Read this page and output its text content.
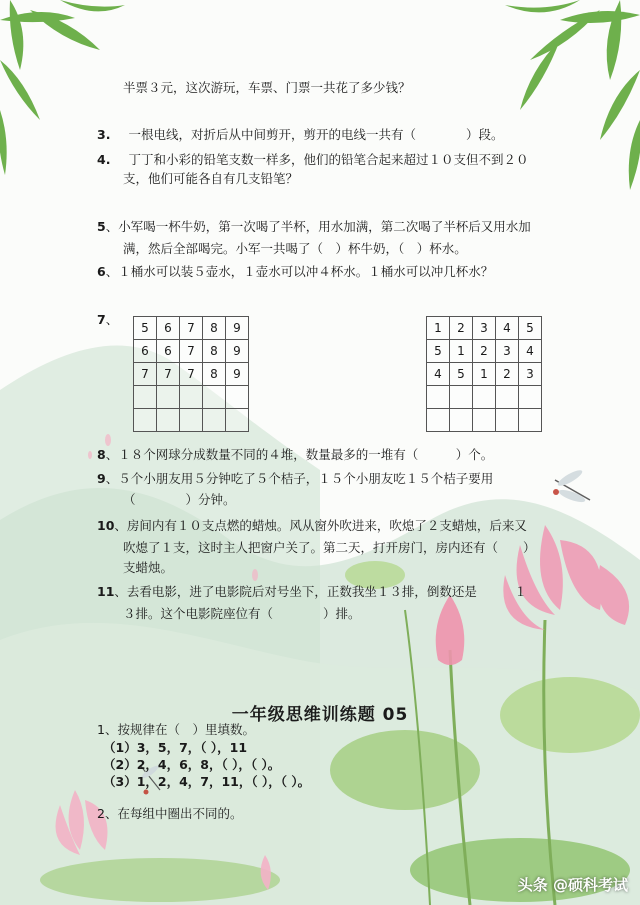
半票３元，这次游玩，车票、门票一共花了多少钱？
3. 一根电线，对折后从中间剪开，剪开的电线一共有（　　　　）段。
4. 丁丁和小彩的铅笔支数一样多，他们的铅笔合起来超过１０支但不到２０
支，他们可能各自有几支铅笔？
5、小军喝一杯牛奶，第一次喝了半杯，用水加满，第二次喝了半杯后又用水加
满，然后全部喝完。小军一共喝了（　）杯牛奶，（　）杯水。
6、１桶水可以装５壶水，１壶水可以冲４杯水。１桶水可以冲几杯水？
7、
5	6	7	8	9
6	6	7	8	9
7	7	7	8	9

1	2	3	4	5
5	1	2	3	4
4	5	1	2	3

8、１８个网球分成数量不同的４堆，数量最多的一堆有（　　　）个。
9、５个小朋友用５分钟吃了５个桔子，１５个小朋友吃１５个桔子要用
（　　　　）分钟。
10、房间内有１０支点燃的蜡烛。风从窗外吹进来，吹熄了２支蜡烛，后来又
吹熄了１支，这时主人把窗户关了。第二天，打开房门，房内还有（　　）
支蜡烛。
11、去看电影，进了电影院后对号坐下，正数我坐１３排，倒数还是　　　１
３排。这个电影院座位有（　　　　）排。
一年级思维训练题 05
1、按规律在（　）里填数。
（1）3，5，7，（ ），11
（2）2，4，6，8，（ ），（ ）。
（3）1，2，4，7，11，（ ），（ ）。
2、在每组中圈出不同的。
头条 @硕科考试
